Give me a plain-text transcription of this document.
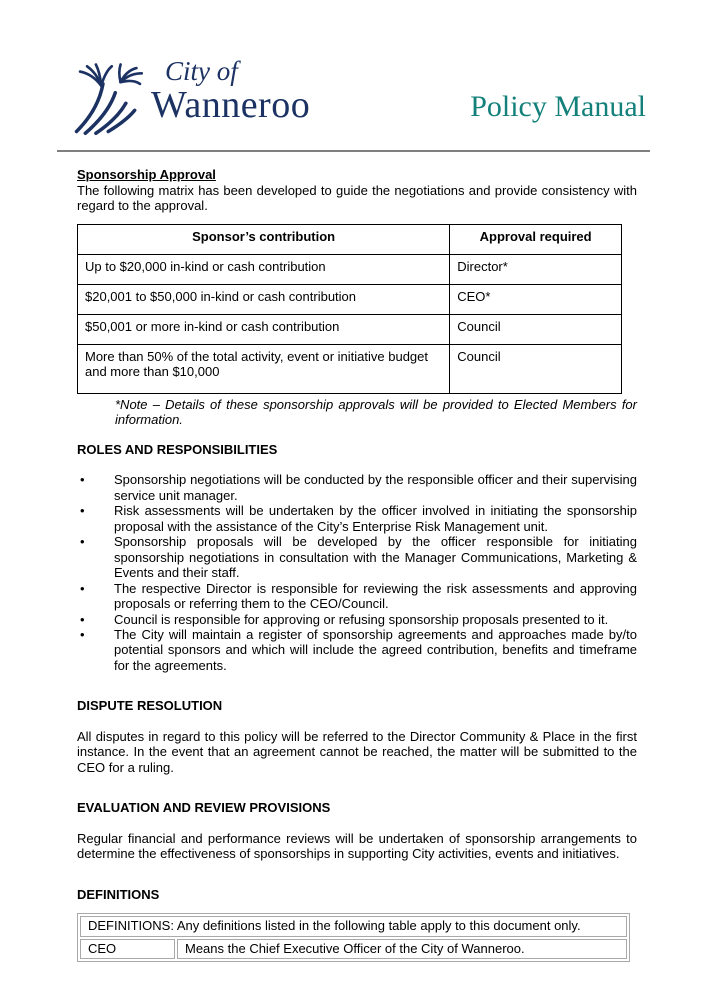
City of
Wanneroo	Policy Manual
Sponsorship Approval
The following matrix has been developed to guide the negotiations and provide consistency with regard to the approval.
Sponsor’s contribution	Approval required
Up to $20,000 in-kind or cash contribution	Director*
$20,001 to $50,000 in-kind or cash contribution	CEO*
$50,001 or more in-kind or cash contribution	Council
More than 50% of the total activity, event or initiative budget and more than $10,000	Council
*Note – Details of these sponsorship approvals will be provided to Elected Members for information.
ROLES AND RESPONSIBILITIES
•	Sponsorship negotiations will be conducted by the responsible officer and their supervising service unit manager.
•	Risk assessments will be undertaken by the officer involved in initiating the sponsorship proposal with the assistance of the City’s Enterprise Risk Management unit.
•	Sponsorship proposals will be developed by the officer responsible for initiating sponsorship negotiations in consultation with the Manager Communications, Marketing & Events and their staff.
•	The respective Director is responsible for reviewing the risk assessments and approving proposals or referring them to the CEO/Council.
•	Council is responsible for approving or refusing sponsorship proposals presented to it.
•	The City will maintain a register of sponsorship agreements and approaches made by/to potential sponsors and which will include the agreed contribution, benefits and timeframe for the agreements.
DISPUTE RESOLUTION
All disputes in regard to this policy will be referred to the Director Community & Place in the first instance. In the event that an agreement cannot be reached, the matter will be submitted to the CEO for a ruling.
EVALUATION AND REVIEW PROVISIONS
Regular financial and performance reviews will be undertaken of sponsorship arrangements to determine the effectiveness of sponsorships in supporting City activities, events and initiatives.
DEFINITIONS
DEFINITIONS: Any definitions listed in the following table apply to this document only.
CEO	Means the Chief Executive Officer of the City of Wanneroo.
